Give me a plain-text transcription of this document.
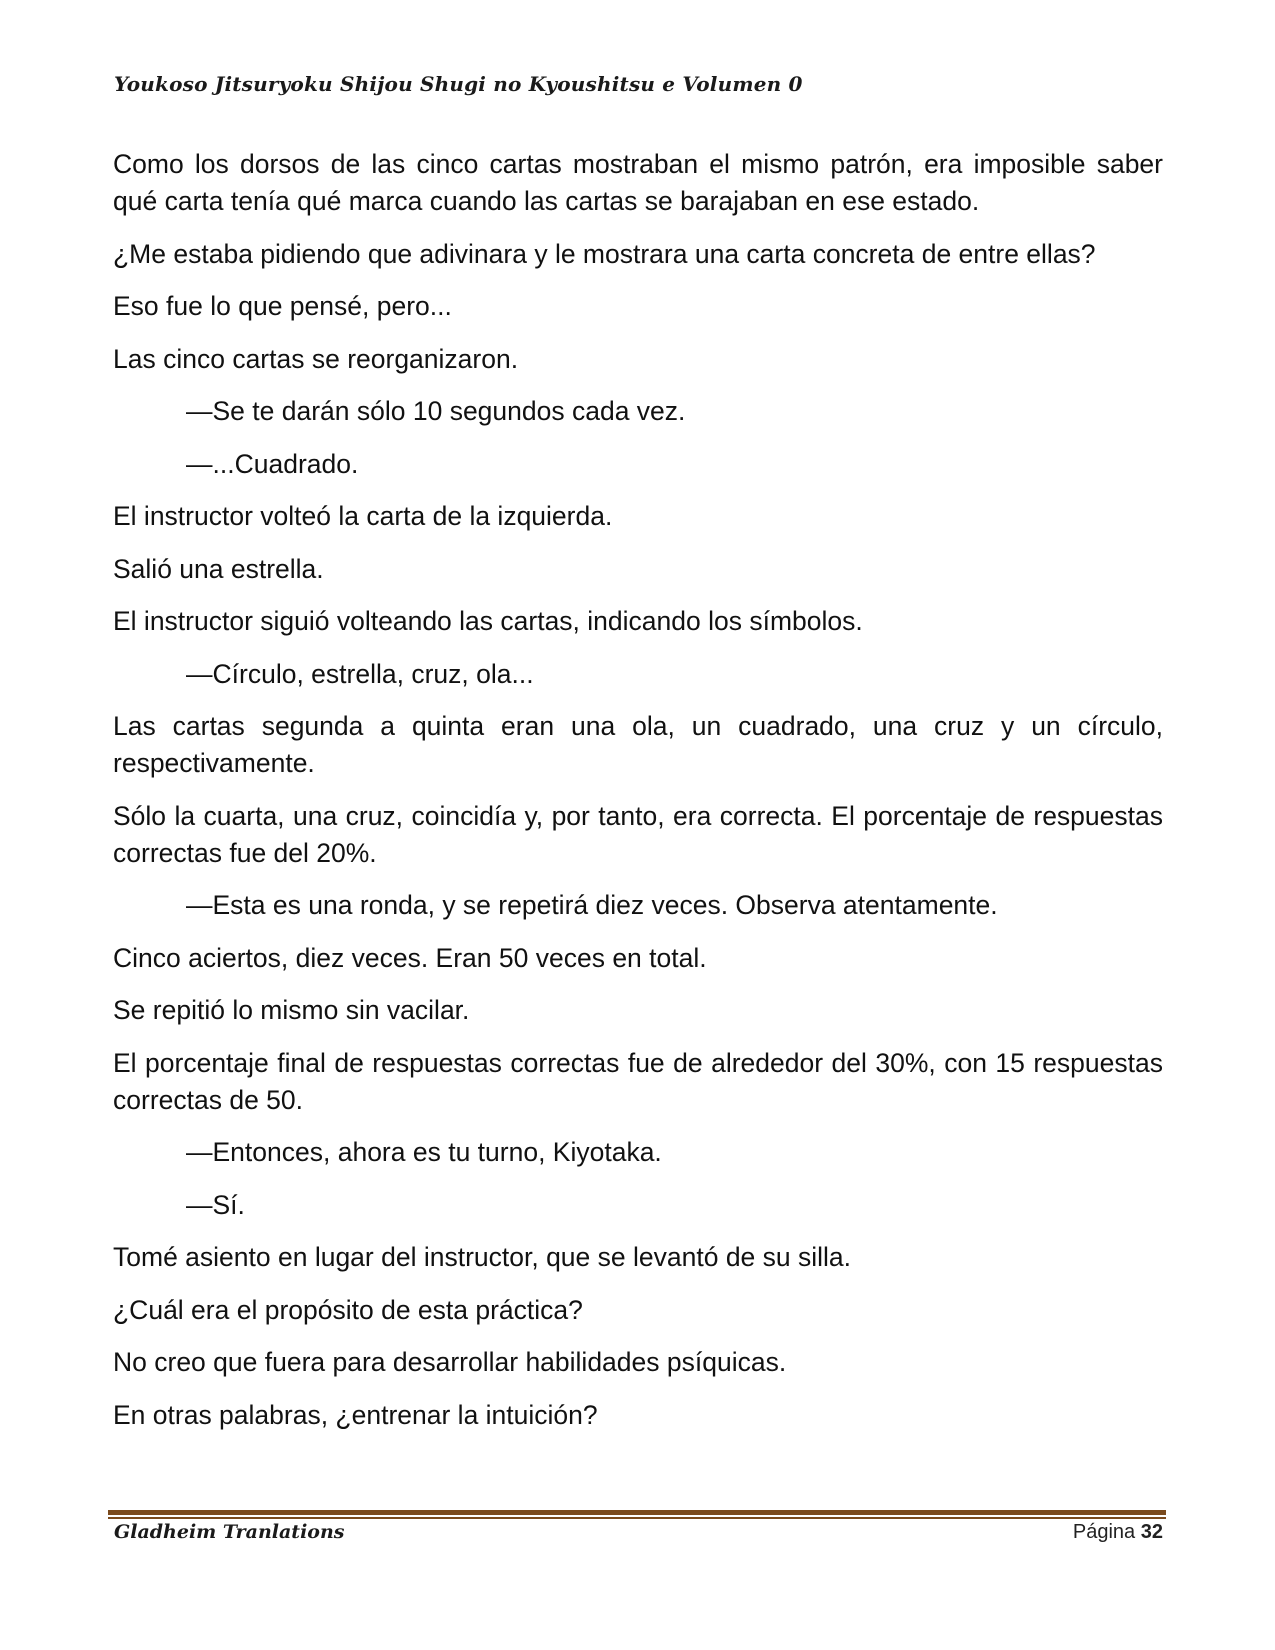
Youkoso Jitsuryoku Shijou Shugi no Kyoushitsu e Volumen 0

Como los dorsos de las cinco cartas mostraban el mismo patrón, era imposible saber qué carta tenía qué marca cuando las cartas se barajaban en ese estado.

¿Me estaba pidiendo que adivinara y le mostrara una carta concreta de entre ellas?

Eso fue lo que pensé, pero...

Las cinco cartas se reorganizaron.

—Se te darán sólo 10 segundos cada vez.

—...Cuadrado.

El instructor volteó la carta de la izquierda.

Salió una estrella.

El instructor siguió volteando las cartas, indicando los símbolos.

—Círculo, estrella, cruz, ola...

Las cartas segunda a quinta eran una ola, un cuadrado, una cruz y un círculo, respectivamente.

Sólo la cuarta, una cruz, coincidía y, por tanto, era correcta. El porcentaje de respuestas correctas fue del 20%.

—Esta es una ronda, y se repetirá diez veces. Observa atentamente.

Cinco aciertos, diez veces. Eran 50 veces en total.

Se repitió lo mismo sin vacilar.

El porcentaje final de respuestas correctas fue de alrededor del 30%, con 15 respuestas correctas de 50.

—Entonces, ahora es tu turno, Kiyotaka.

—Sí.

Tomé asiento en lugar del instructor, que se levantó de su silla.

¿Cuál era el propósito de esta práctica?

No creo que fuera para desarrollar habilidades psíquicas.

En otras palabras, ¿entrenar la intuición?

Gladheim Tranlations	Página 32
